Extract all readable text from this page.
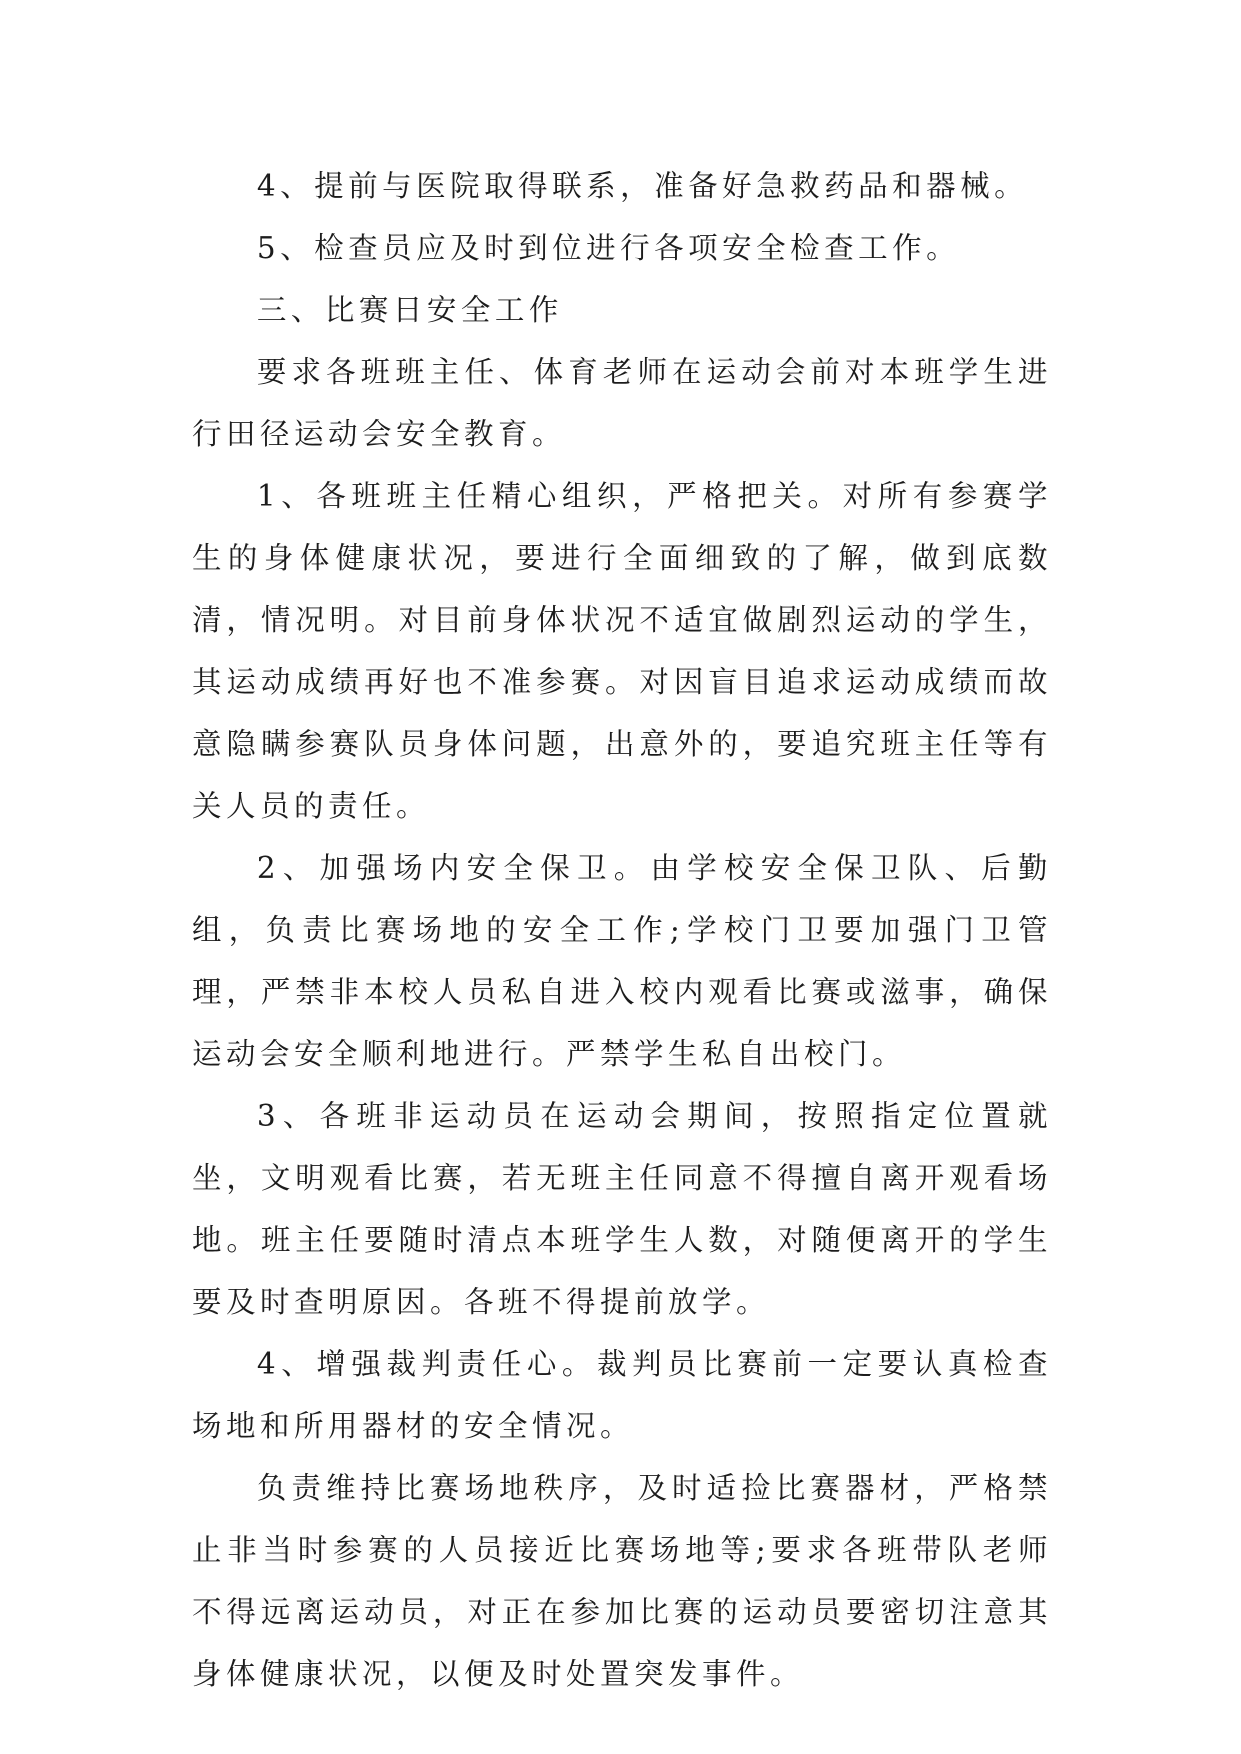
4、提前与医院取得联系，准备好急救药品和器械。

5、检查员应及时到位进行各项安全检查工作。

三、比赛日安全工作

要求各班班主任、体育老师在运动会前对本班学生进行田径运动会安全教育。

1、各班班主任精心组织，严格把关。对所有参赛学生的身体健康状况，要进行全面细致的了解，做到底数清，情况明。对目前身体状况不适宜做剧烈运动的学生，其运动成绩再好也不准参赛。对因盲目追求运动成绩而故意隐瞒参赛队员身体问题，出意外的，要追究班主任等有关人员的责任。

2、加强场内安全保卫。由学校安全保卫队、后勤组，负责比赛场地的安全工作;学校门卫要加强门卫管理，严禁非本校人员私自进入校内观看比赛或滋事，确保运动会安全顺利地进行。严禁学生私自出校门。

3、各班非运动员在运动会期间，按照指定位置就坐，文明观看比赛，若无班主任同意不得擅自离开观看场地。班主任要随时清点本班学生人数，对随便离开的学生要及时查明原因。各班不得提前放学。

4、增强裁判责任心。裁判员比赛前一定要认真检查场地和所用器材的安全情况。

负责维持比赛场地秩序，及时适捡比赛器材，严格禁止非当时参赛的人员接近比赛场地等;要求各班带队老师不得远离运动员，对正在参加比赛的运动员要密切注意其身体健康状况，以便及时处置突发事件。
